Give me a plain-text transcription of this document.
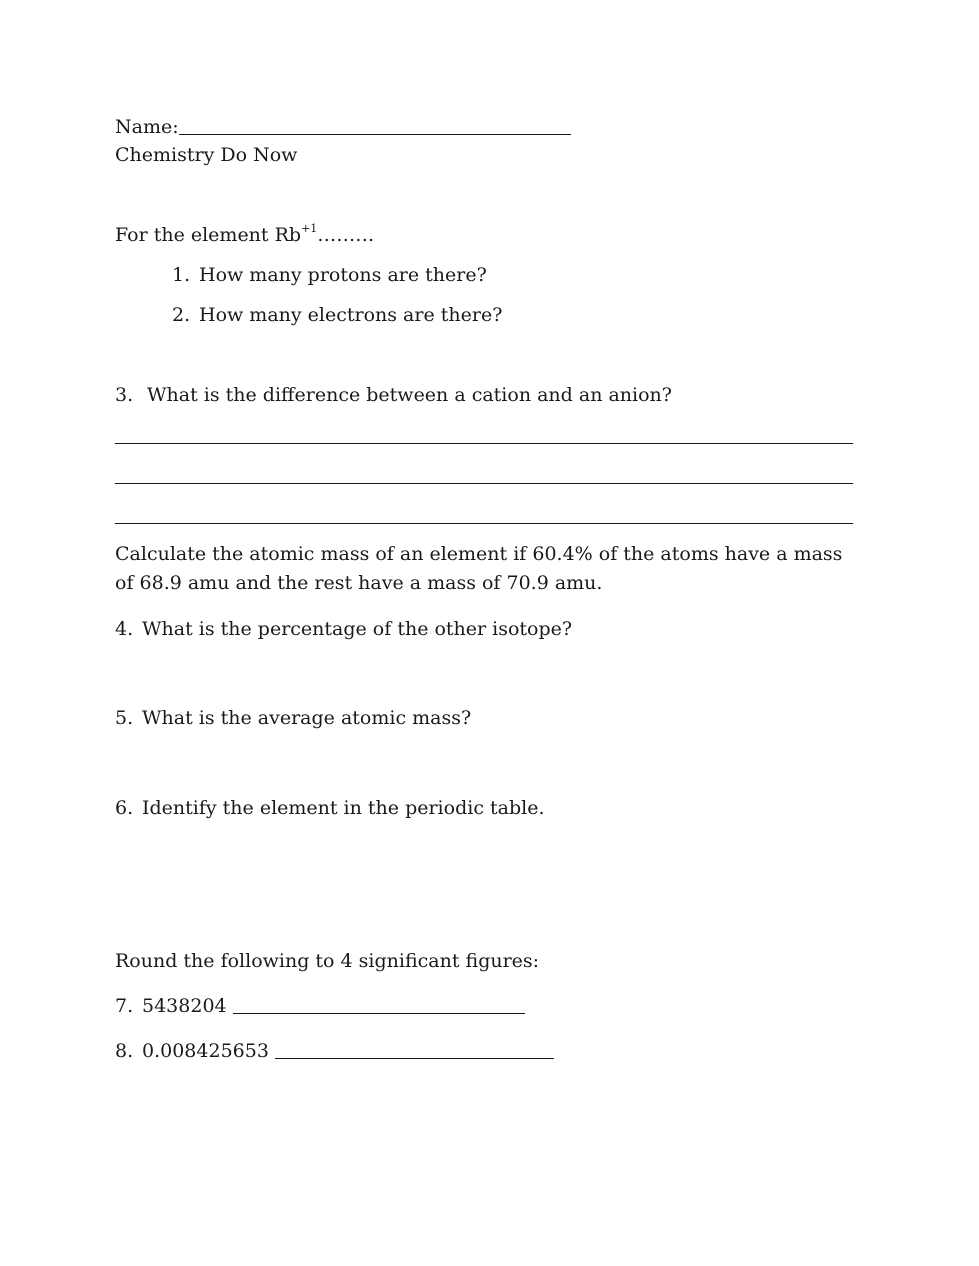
Name:
Chemistry Do Now
For the element $Rb^{+1}\dots\dots\dots$
1. How many protons are there?
2. How many electrons are there?
3. What is the difference between a cation and an anion?
Calculate the atomic mass of an element if 60.4% of the atoms have a mass of 68.9 amu and the rest have a mass of 70.9 amu.
4. What is the percentage of the other isotope?
5. What is the average atomic mass?
6. Identify the element in the periodic table.
Round the following to 4 significant figures:
7. 5438204
8. 0.008425653
